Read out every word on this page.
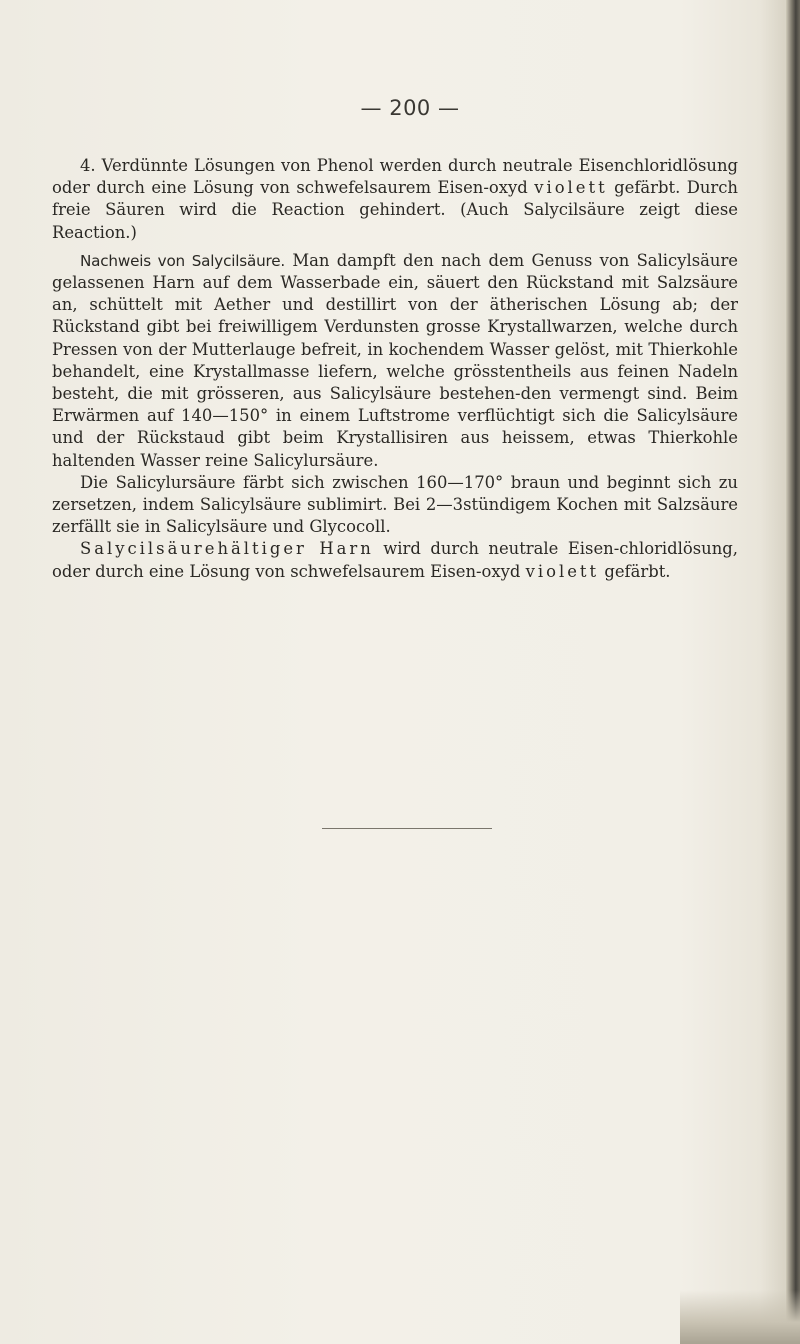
— 200 —

4. Verdünnte Lösungen von Phenol werden durch neutrale Eisenchloridlösung oder durch eine Lösung von schwefelsaurem Eisen-oxyd violett gefärbt. Durch freie Säuren wird die Reaction gehindert. (Auch Salycilsäure zeigt diese Reaction.)

Nachweis von Salycilsäure. Man dampft den nach dem Genuss von Salicylsäure gelassenen Harn auf dem Wasserbade ein, säuert den Rückstand mit Salzsäure an, schüttelt mit Aether und destillirt von der ätherischen Lösung ab; der Rückstand gibt bei freiwilligem Verdunsten grosse Krystallwarzen, welche durch Pressen von der Mutterlauge befreit, in kochendem Wasser gelöst, mit Thierkohle behandelt, eine Krystallmasse liefern, welche grösstentheils aus feinen Nadeln besteht, die mit grösseren, aus Salicylsäure bestehen-den vermengt sind. Beim Erwärmen auf 140—150° in einem Luftstrome verflüchtigt sich die Salicylsäure und der Rückstaud gibt beim Krystallisiren aus heissem, etwas Thierkohle haltenden Wasser reine Salicylursäure.

Die Salicylursäure färbt sich zwischen 160—170° braun und beginnt sich zu zersetzen, indem Salicylsäure sublimirt. Bei 2—3stündigem Kochen mit Salzsäure zerfällt sie in Salicylsäure und Glycocoll.

Salycilsäurehältiger Harn wird durch neutrale Eisen-chloridlösung, oder durch eine Lösung von schwefelsaurem Eisen-oxyd violett gefärbt.
